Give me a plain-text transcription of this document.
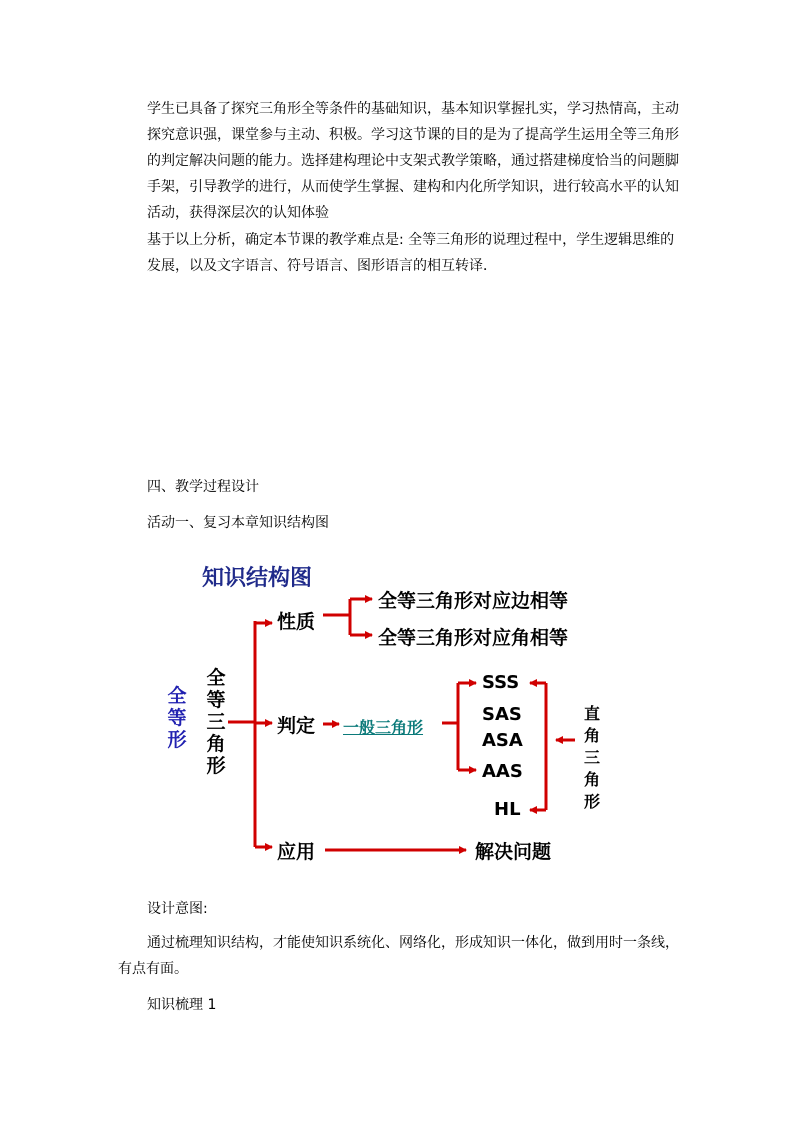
学生已具备了探究三角形全等条件的基础知识，基本知识掌握扎实，学习热情高，主动探究意识强，课堂参与主动、积极。学习这节课的目的是为了提高学生运用全等三角形的判定解决问题的能力。选择建构理论中支架式教学策略，通过搭建梯度恰当的问题脚手架，引导教学的进行，从而使学生掌握、建构和内化所学知识，进行较高水平的认知活动，获得深层次的认知体验
基于以上分析，确定本节课的教学难点是: 全等三角形的说理过程中，学生逻辑思维的发展，以及文字语言、符号语言、图形语言的相互转译．
四、教学过程设计
活动一、复习本章知识结构图
知识结构图
全等形
全等三角形
性质
判定
应用
全等三角形对应边相等
全等三角形对应角相等
一般三角形
SSS
SAS
ASA
AAS
HL
直角三角形
解决问题
设计意图:
通过梳理知识结构，才能使知识系统化、网络化，形成知识一体化，做到用时一条线，有点有面。
知识梳理 1
